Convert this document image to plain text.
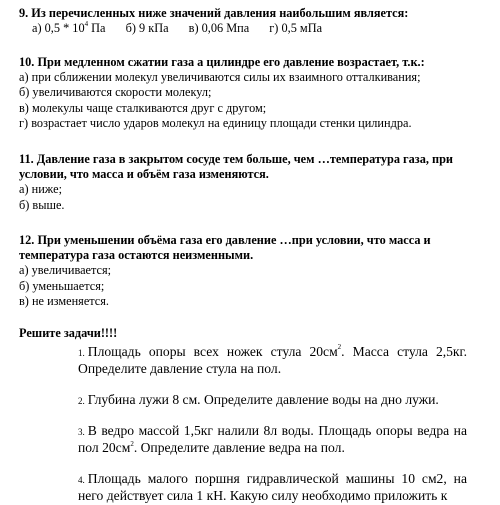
9. Из перечисленных ниже значений давления наибольшим является:
а) $0,5 * 10^4$ Па б) 9 кПа в) 0,06 Мпа г) 0,5 мПа
10. При медленном сжатии газа а цилиндре его давление возрастает, т.к.:
а) при сближении молекул увеличиваются силы их взаимного отталкивания;
б) увеличиваются скорости молекул;
в) молекулы чаще сталкиваются друг с другом;
г) возрастает число ударов молекул на единицу площади стенки цилиндра.
11. Давление газа в закрытом сосуде тем больше, чем …температура газа, при условии, что масса и объём газа изменяются.
а) ниже;
б) выше.
12. При уменьшении объёма газа его давление …при условии, что масса и температура газа остаются неизменными.
а) увеличивается;
б) уменьшается;
в) не изменяется.
Решите задачи!!!!
1. Площадь опоры всех ножек стула $20см^2$. Масса стула 2,5кг. Определите давление стула на пол.
2. Глубина лужи 8 см. Определите давление воды на дно лужи.
3. В ведро массой 1,5кг налили 8л воды. Площадь опоры ведра на пол $20см^2$. Определите давление ведра на пол.
4. Площадь малого поршня гидравлической машины 10 см2, на него действует сила 1 кН. Какую силу необходимо приложить к
